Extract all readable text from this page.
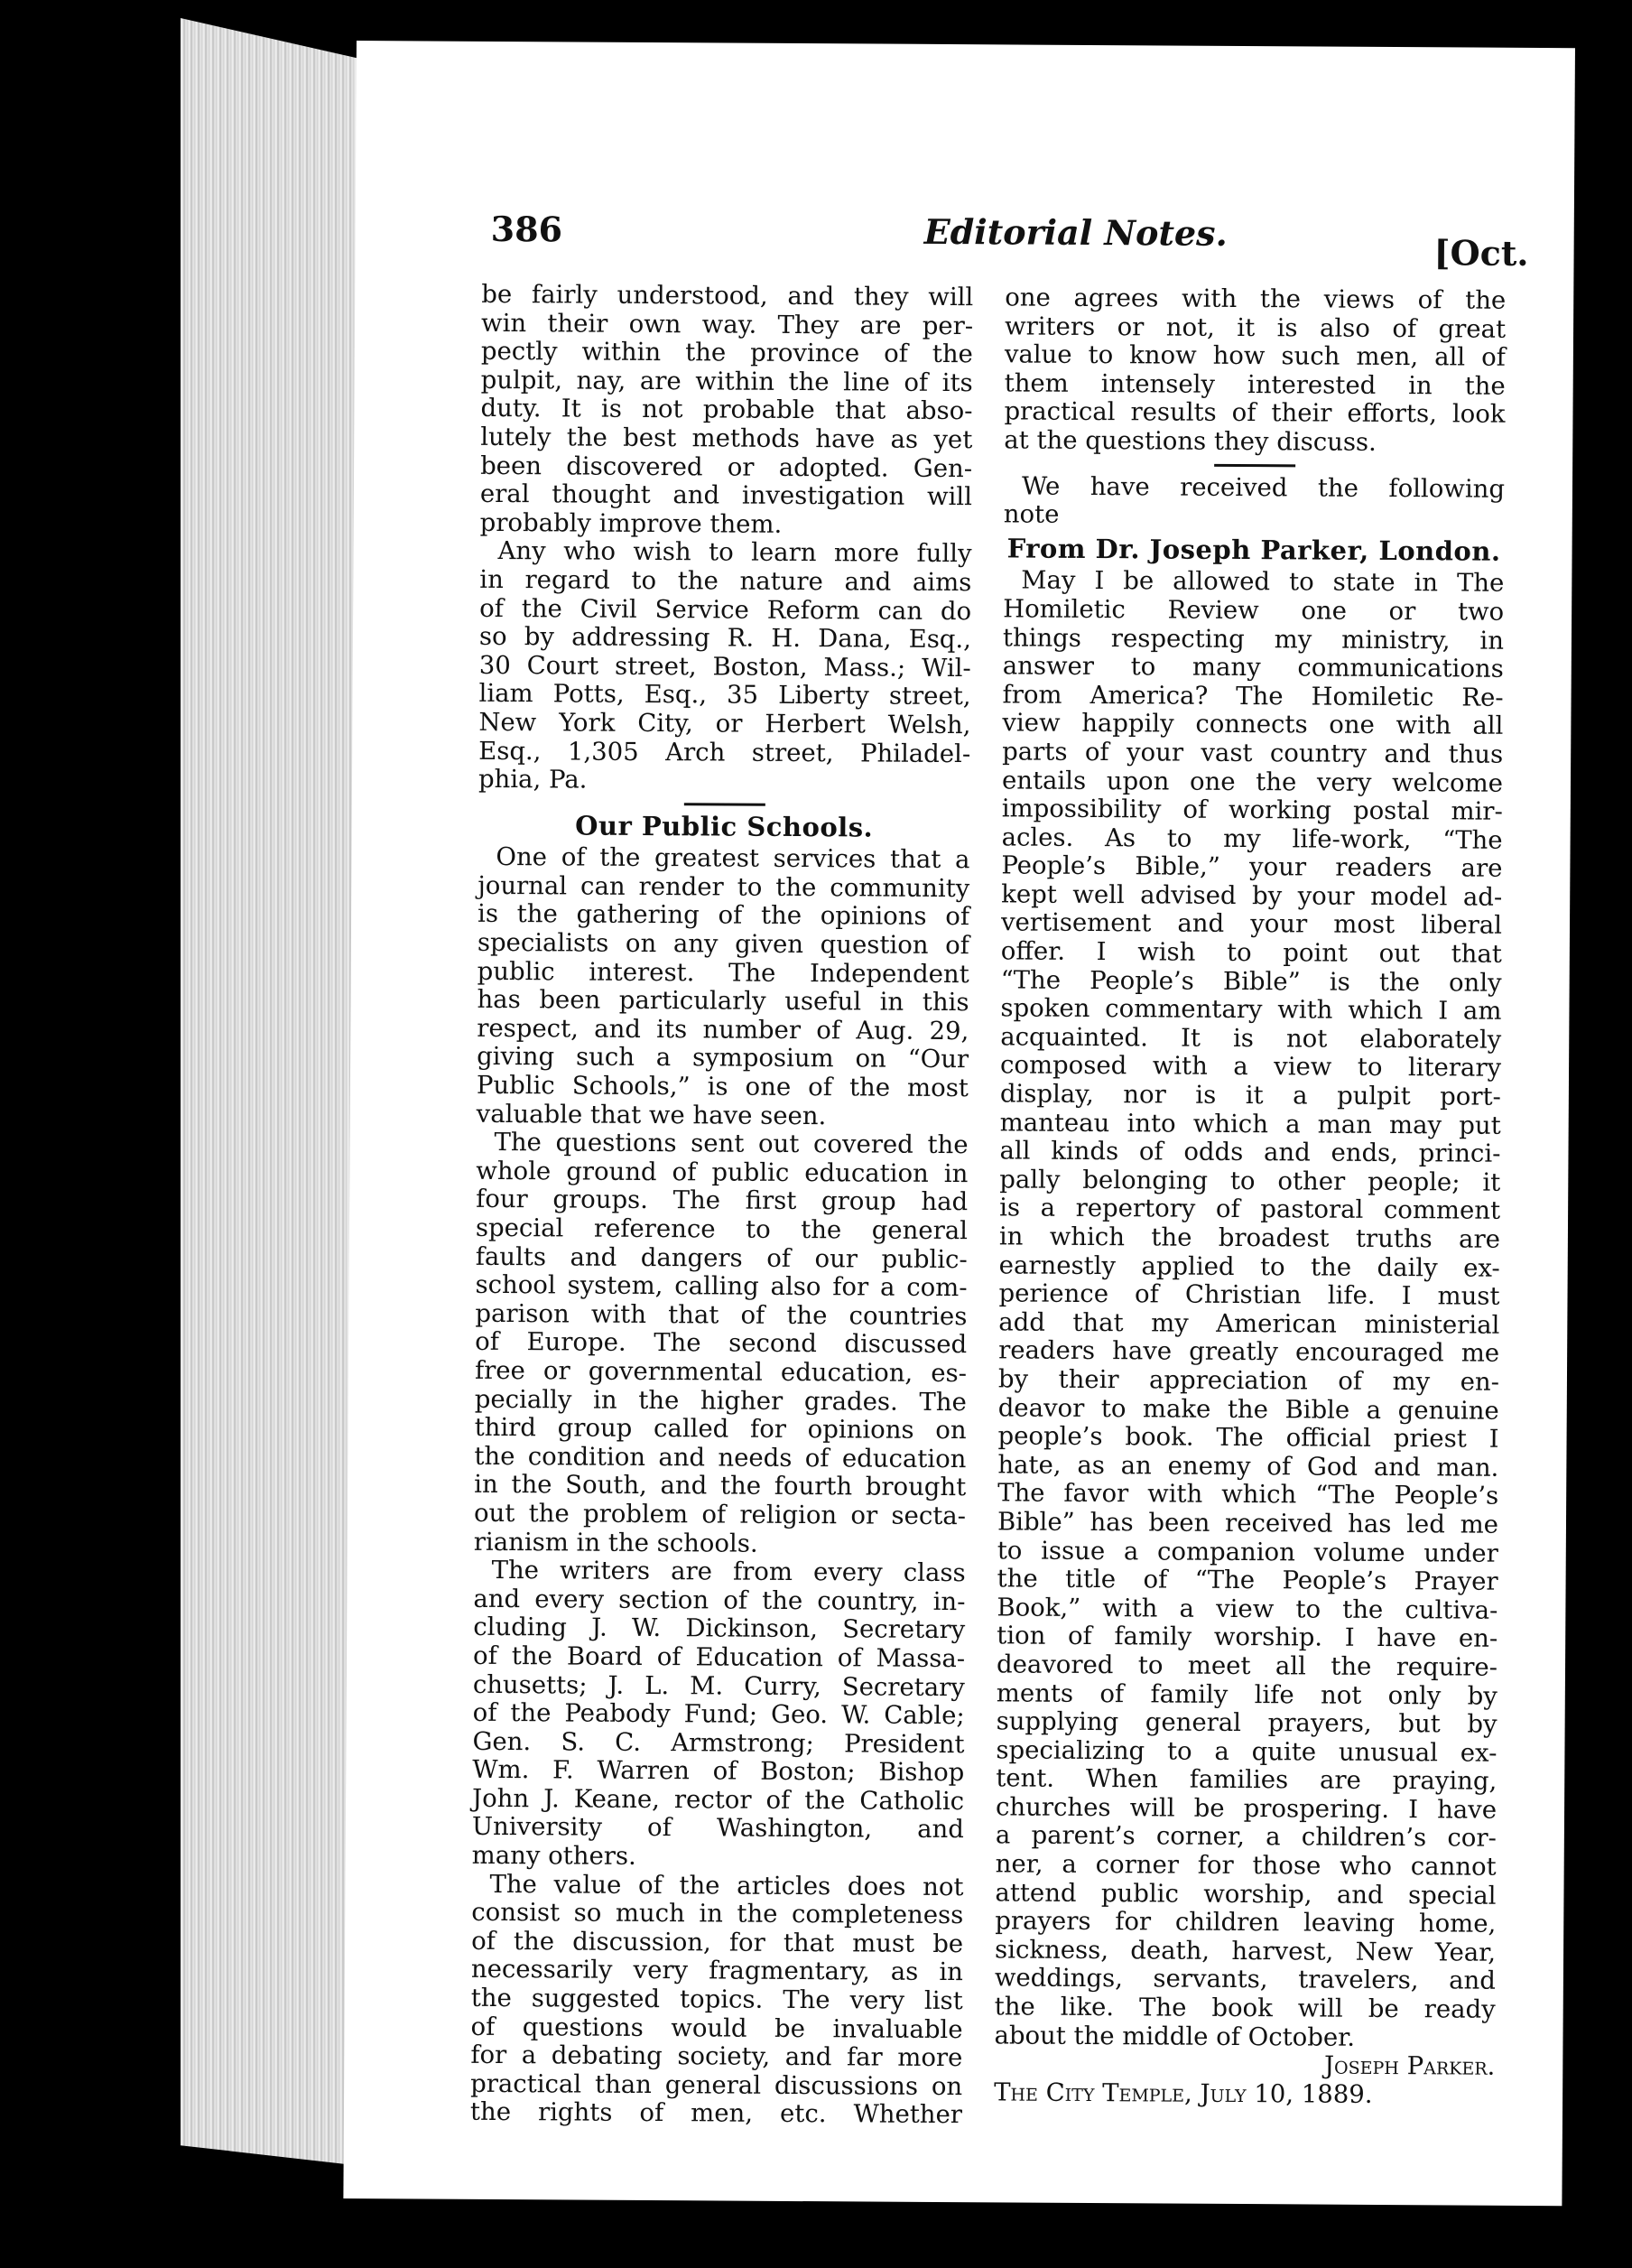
386	Editorial Notes.	[Oct.
be fairly understood, and they will
win their own way. They are per-
pectly within the province of the
pulpit, nay, are within the line of its
duty. It is not probable that abso-
lutely the best methods have as yet
been discovered or adopted. Gen-
eral thought and investigation will
probably improve them.
Any who wish to learn more fully
in regard to the nature and aims
of the Civil Service Reform can do
so by addressing R. H. Dana, Esq.,
30 Court street, Boston, Mass.; Wil-
liam Potts, Esq., 35 Liberty street,
New York City, or Herbert Welsh,
Esq., 1,305 Arch street, Philadel-
phia, Pa.
Our Public Schools.
One of the greatest services that a
journal can render to the community
is the gathering of the opinions of
specialists on any given question of
public interest. The Independent
has been particularly useful in this
respect, and its number of Aug. 29,
giving such a symposium on “Our
Public Schools,” is one of the most
valuable that we have seen.
The questions sent out covered the
whole ground of public education in
four groups. The first group had
special reference to the general
faults and dangers of our public-
school system, calling also for a com-
parison with that of the countries
of Europe. The second discussed
free or governmental education, es-
pecially in the higher grades. The
third group called for opinions on
the condition and needs of education
in the South, and the fourth brought
out the problem of religion or secta-
rianism in the schools.
The writers are from every class
and every section of the country, in-
cluding J. W. Dickinson, Secretary
of the Board of Education of Massa-
chusetts; J. L. M. Curry, Secretary
of the Peabody Fund; Geo. W. Cable;
Gen. S. C. Armstrong; President
Wm. F. Warren of Boston; Bishop
John J. Keane, rector of the Catholic
University of Washington, and
many others.
The value of the articles does not
consist so much in the completeness
of the discussion, for that must be
necessarily very fragmentary, as in
the suggested topics. The very list
of questions would be invaluable
for a debating society, and far more
practical than general discussions on
the rights of men, etc. Whether
one agrees with the views of the
writers or not, it is also of great
value to know how such men, all of
them intensely interested in the
practical results of their efforts, look
at the questions they discuss.
We have received the following
note
From Dr. Joseph Parker, London.
May I be allowed to state in The
Homiletic Review one or two
things respecting my ministry, in
answer to many communications
from America? The Homiletic Re-
view happily connects one with all
parts of your vast country and thus
entails upon one the very welcome
impossibility of working postal mir-
acles. As to my life-work, “The
People’s Bible,” your readers are
kept well advised by your model ad-
vertisement and your most liberal
offer. I wish to point out that
“The People’s Bible” is the only
spoken commentary with which I am
acquainted. It is not elaborately
composed with a view to literary
display, nor is it a pulpit port-
manteau into which a man may put
all kinds of odds and ends, princi-
pally belonging to other people; it
is a repertory of pastoral comment
in which the broadest truths are
earnestly applied to the daily ex-
perience of Christian life. I must
add that my American ministerial
readers have greatly encouraged me
by their appreciation of my en-
deavor to make the Bible a genuine
people’s book. The official priest I
hate, as an enemy of God and man.
The favor with which “The People’s
Bible” has been received has led me
to issue a companion volume under
the title of “The People’s Prayer
Book,” with a view to the cultiva-
tion of family worship. I have en-
deavored to meet all the require-
ments of family life not only by
supplying general prayers, but by
specializing to a quite unusual ex-
tent. When families are praying,
churches will be prospering. I have
a parent’s corner, a children’s cor-
ner, a corner for those who cannot
attend public worship, and special
prayers for children leaving home,
sickness, death, harvest, New Year,
weddings, servants, travelers, and
the like. The book will be ready
about the middle of October.
Joseph Parker.
The City Temple, July 10, 1889.
